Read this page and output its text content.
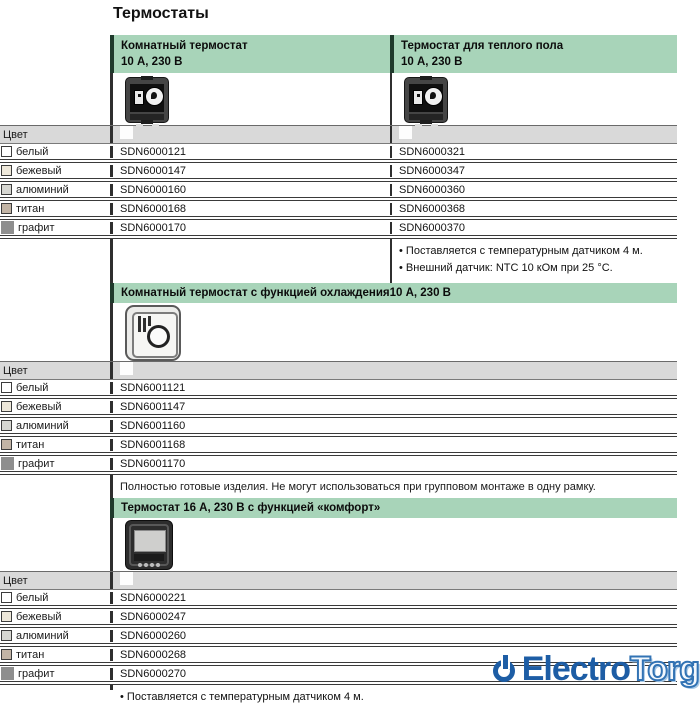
Термостаты
Комнатный термостат
10 А, 230 В
Термостат для теплого пола
10 А, 230 В
Цвет
белый	SDN6000121	SDN6000321
бежевый	SDN6000147	SDN6000347
алюминий	SDN6000160	SDN6000360
титан	SDN6000168	SDN6000368
графит	SDN6000170	SDN6000370
• Поставляется с температурным датчиком 4 м.
• Внешний датчик: NTC 10 кОм при 25 °С.
Комнатный термостат с функцией охлаждения10 А, 230 В
Цвет
белый	SDN6001121
бежевый	SDN6001147
алюминий	SDN6001160
титан	SDN6001168
графит	SDN6001170
Полностью готовые изделия. Не могут использоваться при групповом монтаже в одну рамку.
Термостат 16 А, 230 В с функцией «комфорт»
Цвет
белый	SDN6000221
бежевый	SDN6000247
алюминий	SDN6000260
титан	SDN6000268
графит	SDN6000270
• Поставляется с температурным датчиком 4 м.
ElectroTorg
